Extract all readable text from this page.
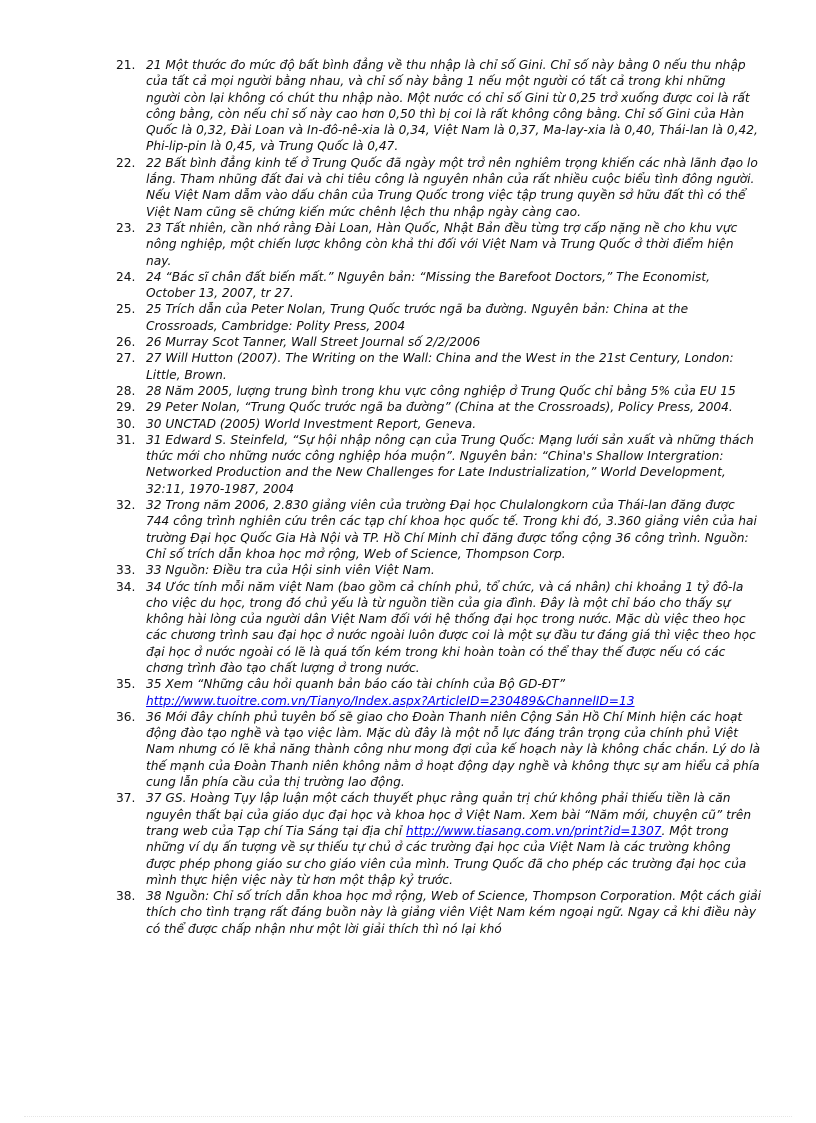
21. 21 Một thước đo mức độ bất bình đẳng về thu nhập là chỉ số Gini. Chỉ số này bằng 0 nếu thu nhập của tất cả mọi người bằng nhau, và chỉ số này bằng 1 nếu một người có tất cả trong khi những người còn lại không có chút thu nhập nào. Một nước có chỉ số Gini từ 0,25 trở xuống được coi là rất công bằng, còn nếu chỉ số này cao hơn 0,50 thì bị coi là rất không công bằng. Chỉ số Gini của Hàn Quốc là 0,32, Đài Loan và In-đô-nê-xia là 0,34, Việt Nam là 0,37, Ma-lay-xia là 0,40, Thái-lan là 0,42, Phi-lip-pin là 0,45, và Trung Quốc là 0,47.
22. 22 Bất bình đẳng kinh tế ở Trung Quốc đã ngày một trở nên nghiêm trọng khiến các nhà lãnh đạo lo lắng. Tham nhũng đất đai và chi tiêu công là nguyên nhân của rất nhiều cuộc biểu tình đông người. Nếu Việt Nam dẫm vào dấu chân của Trung Quốc trong việc tập trung quyền sở hữu đất thì có thể Việt Nam cũng sẽ chứng kiến mức chênh lệch thu nhập ngày càng cao.
23. 23 Tất nhiên, cần nhớ rằng Đài Loan, Hàn Quốc, Nhật Bản đều từng trợ cấp nặng nề cho khu vực nông nghiệp, một chiến lược không còn khả thi đối với Việt Nam và Trung Quốc ở thời điểm hiện nay.
24. 24 “Bác sĩ chân đất biến mất.” Nguyên bản: “Missing the Barefoot Doctors,” The Economist, October 13, 2007, tr 27.
25. 25 Trích dẫn của Peter Nolan, Trung Quốc trước ngã ba đường. Nguyên bản: China at the Crossroads, Cambridge: Polity Press, 2004
26. 26 Murray Scot Tanner, Wall Street Journal số 2/2/2006
27. 27 Will Hutton (2007). The Writing on the Wall: China and the West in the 21st Century, London: Little, Brown.
28. 28 Năm 2005, lượng trung bình trong khu vực công nghiệp ở Trung Quốc chỉ bằng 5% của EU 15
29. 29 Peter Nolan, “Trung Quốc trước ngã ba đường” (China at the Crossroads), Policy Press, 2004.
30. 30 UNCTAD (2005) World Investment Report, Geneva.
31. 31 Edward S. Steinfeld, “Sự hội nhập nông cạn của Trung Quốc: Mạng lưới sản xuất và những thách thức mới cho những nước công nghiệp hóa muộn”. Nguyên bản: “China's Shallow Intergration: Networked Production and the New Challenges for Late Industrialization,” World Development, 32:11, 1970-1987, 2004
32. 32 Trong năm 2006, 2.830 giảng viên của trường Đại học Chulalongkorn của Thái-lan đăng được 744 công trình nghiên cứu trên các tạp chí khoa học quốc tế. Trong khi đó, 3.360 giảng viên của hai trường Đại học Quốc Gia Hà Nội và TP. Hồ Chí Minh chỉ đăng được tổng cộng 36 công trình. Nguồn: Chỉ số trích dẫn khoa học mở rộng, Web of Science, Thompson Corp.
33. 33 Nguồn: Điều tra của Hội sinh viên Việt Nam.
34. 34 Ước tính mỗi năm việt Nam (bao gồm cả chính phủ, tổ chức, và cá nhân) chi khoảng 1 tỷ đô-la cho việc du học, trong đó chủ yếu là từ nguồn tiền của gia đình. Đây là một chỉ báo cho thấy sự không hài lòng của người dân Việt Nam đối với hệ thống đại học trong nước. Mặc dù việc theo học các chương trình sau đại học ở nước ngoài luôn được coi là một sự đầu tư đáng giá thì việc theo học đại học ở nước ngoài có lẽ là quá tốn kém trong khi hoàn toàn có thể thay thế được nếu có các chơng trình đào tạo chất lượng ở trong nước.
35. 35 Xem “Những câu hỏi quanh bản báo cáo tài chính của Bộ GD-ĐT”
http://www.tuoitre.com.vn/Tianyo/Index.aspx?ArticleID=230489&ChannelID=13
36. 36 Mới đây chính phủ tuyên bố sẽ giao cho Đoàn Thanh niên Cộng Sản Hồ Chí Minh hiện các hoạt động đào tạo nghề và tạo việc làm. Mặc dù đây là một nỗ lực đáng trân trọng của chính phủ Việt Nam nhưng có lẽ khả năng thành công như mong đợi của kế hoạch này là không chắc chắn. Lý do là thế mạnh của Đoàn Thanh niên không nằm ở hoạt động dạy nghề và không thực sự am hiểu cả phía cung lẫn phía cầu của thị trường lao động.
37. 37 GS. Hoàng Tụy lập luận một cách thuyết phục rằng quản trị chứ không phải thiếu tiền là căn nguyên thất bại của giáo dục đại học và khoa học ở Việt Nam. Xem bài “Năm mới, chuyện cũ” trên trang web của Tạp chí Tia Sáng tại địa chỉ http://www.tiasang.com.vn/print?id=1307. Một trong những ví dụ ấn tượng về sự thiếu tự chủ ở các trường đại học của Việt Nam là các trường không được phép phong giáo sư cho giáo viên của mình. Trung Quốc đã cho phép các trường đại học của mình thực hiện việc này từ hơn một thập kỷ trước.
38. 38 Nguồn: Chỉ số trích dẫn khoa học mở rộng, Web of Science, Thompson Corporation. Một cách giải thích cho tình trạng rất đáng buồn này là giảng viên Việt Nam kém ngoại ngữ. Ngay cả khi điều này có thể được chấp nhận như một lời giải thích thì nó lại khó
